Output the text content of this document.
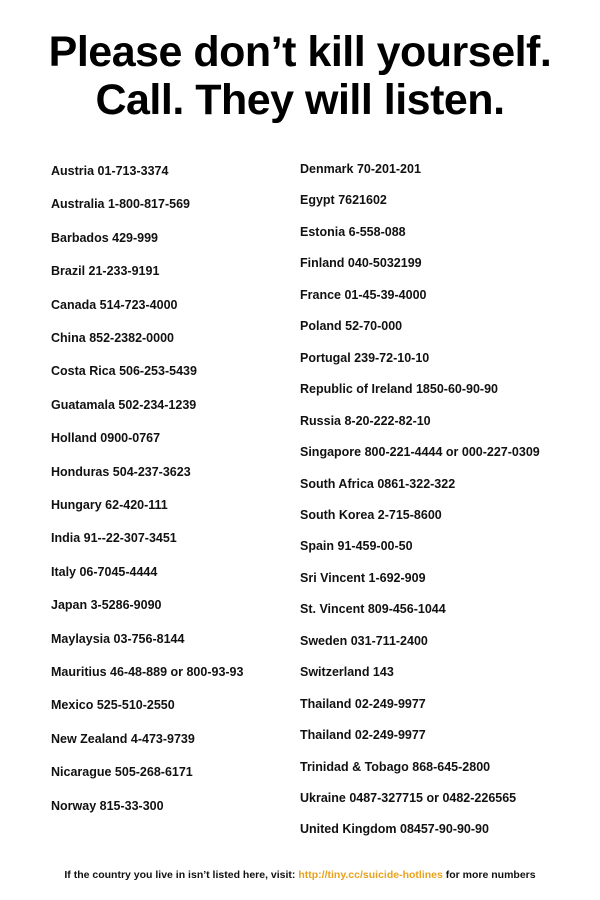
Please don’t kill yourself.
Call. They will listen.
Austria 01-713-3374
Australia 1-800-817-569
Barbados 429-999
Brazil 21-233-9191
Canada 514-723-4000
China 852-2382-0000
Costa Rica 506-253-5439
Guatamala 502-234-1239
Holland 0900-0767
Honduras 504-237-3623
Hungary 62-420-111
India 91--22-307-3451
Italy 06-7045-4444
Japan 3-5286-9090
Maylaysia 03-756-8144
Mauritius 46-48-889 or 800-93-93
Mexico 525-510-2550
New Zealand 4-473-9739
Nicarague 505-268-6171
Norway 815-33-300
Denmark 70-201-201
Egypt 7621602
Estonia 6-558-088
Finland 040-5032199
France 01-45-39-4000
Poland 52-70-000
Portugal 239-72-10-10
Republic of Ireland 1850-60-90-90
Russia 8-20-222-82-10
Singapore 800-221-4444 or 000-227-0309
South Africa 0861-322-322
South Korea 2-715-8600
Spain 91-459-00-50
Sri Vincent 1-692-909
St. Vincent 809-456-1044
Sweden 031-711-2400
Switzerland 143
Thailand 02-249-9977
Thailand 02-249-9977
Trinidad & Tobago 868-645-2800
Ukraine 0487-327715 or 0482-226565
United Kingdom 08457-90-90-90
If the country you live in isn’t listed here, visit: http://tiny.cc/suicide-hotlines for more numbers
